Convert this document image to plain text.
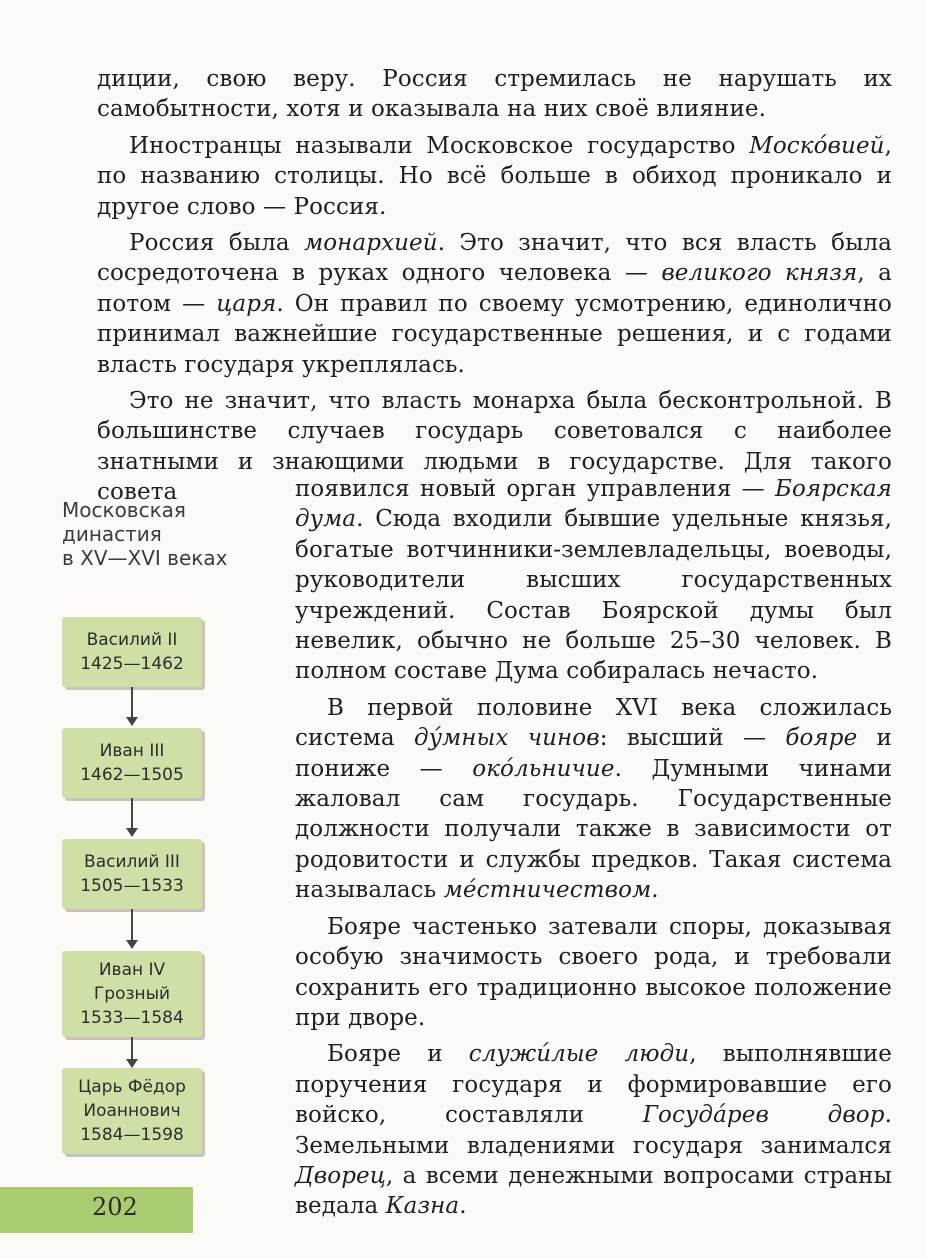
диции, свою веру. Россия стремилась не нарушать их самобытности, хотя и оказывала на них своё влияние.

Иностранцы называли Московское государство Моско́вией, по названию столицы. Но всё больше в обиход проникало и другое слово — Россия.

Россия была монархией. Это значит, что вся власть была сосредоточена в руках одного человека — великого князя, а потом — царя. Он правил по своему усмотрению, единолично принимал важнейшие государственные решения, и с годами власть государя укреплялась.

Это не значит, что власть монарха была бесконтрольной. В большинстве случаев государь советовался с наиболее знатными и знающими людьми в государстве. Для такого совета

Московская
династия
в XV—XVI веках
Василий II
1425—1462
Иван III
1462—1505
Василий III
1505—1533
Иван IV
Грозный
1533—1584
Царь Фёдор
Иоаннович
1584—1598

появился новый орган управления — Боярская дума. Сюда входили бывшие удельные князья, богатые вотчинники-землевладельцы, воеводы, руководители высших государственных учреждений. Состав Боярской думы был невелик, обычно не больше 25–30 человек. В полном составе Дума собиралась нечасто.

В первой половине XVI века сложилась система ду́мных чинов: высший — бояре и пониже — око́льничие. Думными чинами жаловал сам государь. Государственные должности получали также в зависимости от родовитости и службы предков. Такая система называлась ме́стничеством.

Бояре частенько затевали споры, доказывая особую значимость своего рода, и требовали сохранить его традиционно высокое положение при дворе.

Бояре и служи́лые люди, выполнявшие поручения государя и формировавшие его войско, составляли Госуда́рев двор. Земельными владениями государя занимался Дворец, а всеми денежными вопросами страны ведала Казна.

202
